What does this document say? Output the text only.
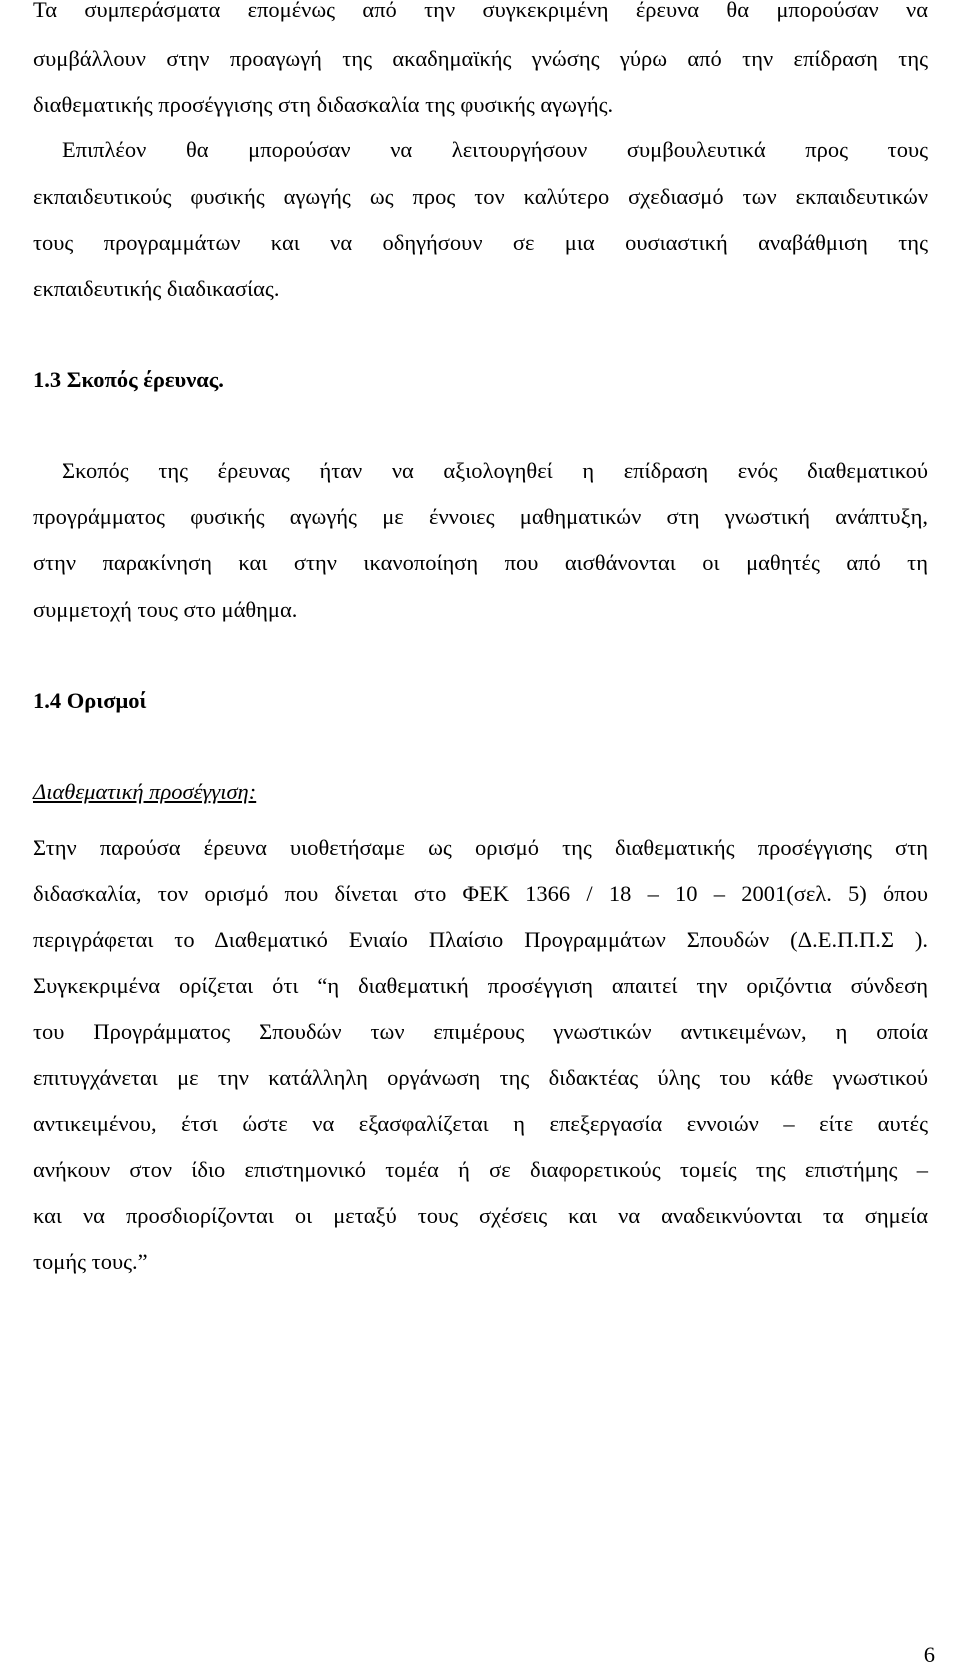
Τα συμπεράσματα επομένως από την συγκεκριμένη έρευνα θα μπορούσαν να
συμβάλλουν στην προαγωγή της ακαδημαϊκής γνώσης γύρω από την επίδραση της
διαθεματικής προσέγγισης στη διδασκαλία της φυσικής αγωγής.
Επιπλέον θα μπορούσαν να λειτουργήσουν συμβουλευτικά προς τους
εκπαιδευτικούς φυσικής αγωγής ως προς τον καλύτερο σχεδιασμό των εκπαιδευτικών
τους προγραμμάτων και να οδηγήσουν σε μια ουσιαστική αναβάθμιση της
εκπαιδευτικής διαδικασίας.
1.3 Σκοπός έρευνας.
Σκοπός της έρευνας ήταν να αξιολογηθεί η επίδραση ενός διαθεματικού
προγράμματος φυσικής αγωγής με έννοιες μαθηματικών στη γνωστική ανάπτυξη,
στην παρακίνηση και στην ικανοποίηση που αισθάνονται οι μαθητές από τη
συμμετοχή τους στο μάθημα.
1.4 Ορισμοί
Διαθεματική προσέγγιση:
Στην παρούσα έρευνα υιοθετήσαμε ως ορισμό της διαθεματικής προσέγγισης στη
διδασκαλία, τον ορισμό που δίνεται στο ΦΕΚ 1366 / 18 – 10 – 2001(σελ. 5) όπου
περιγράφεται το Διαθεματικό Ενιαίο Πλαίσιο Προγραμμάτων Σπουδών (Δ.Ε.Π.Π.Σ ).
Συγκεκριμένα ορίζεται ότι “η διαθεματική προσέγγιση απαιτεί την οριζόντια σύνδεση
του Προγράμματος Σπουδών των επιμέρους γνωστικών αντικειμένων, η οποία
επιτυγχάνεται με την κατάλληλη οργάνωση της διδακτέας ύλης του κάθε γνωστικού
αντικειμένου, έτσι ώστε να εξασφαλίζεται η επεξεργασία εννοιών – είτε αυτές
ανήκουν στον ίδιο επιστημονικό τομέα ή σε διαφορετικούς τομείς της επιστήμης –
και να προσδιορίζονται οι μεταξύ τους σχέσεις και να αναδεικνύονται τα σημεία
τομής τους.”
6
